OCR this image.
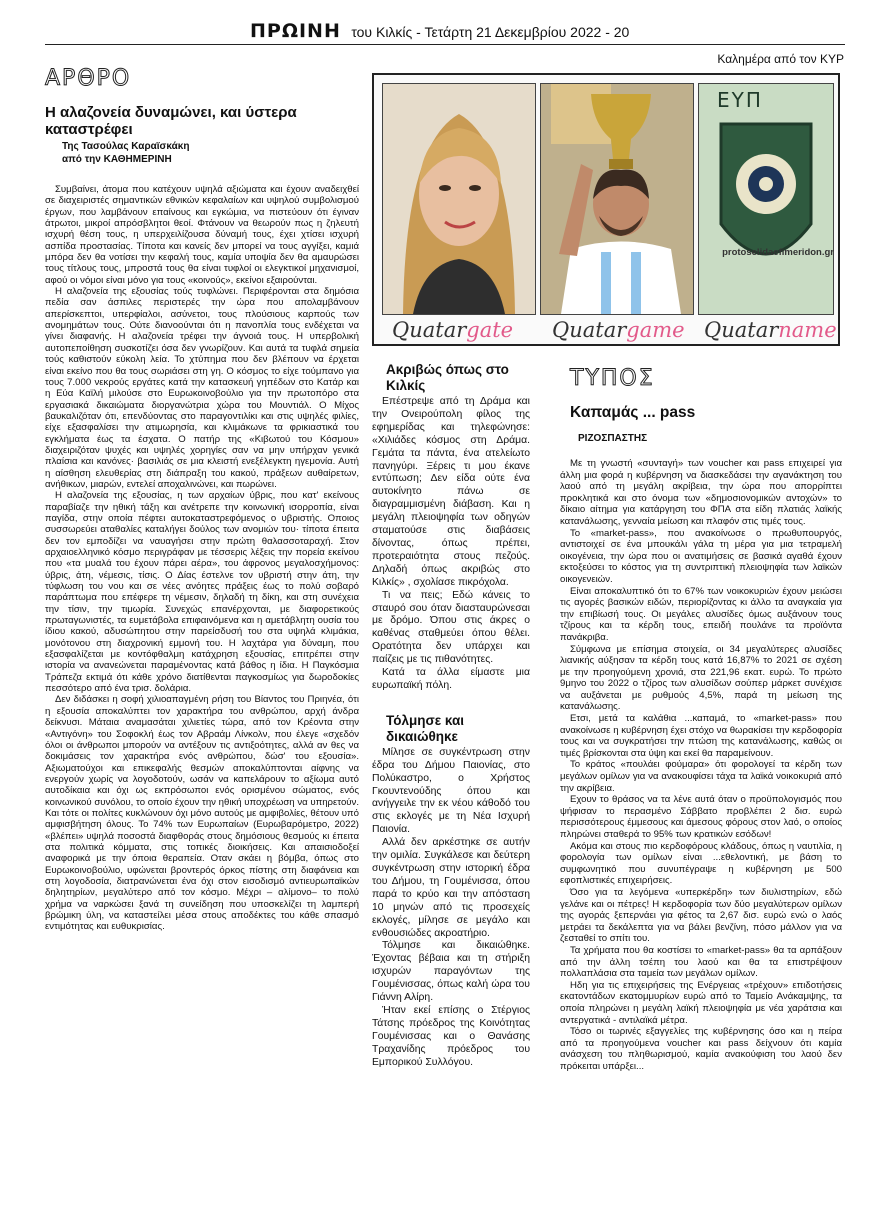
ΠΡΩΙΝΗ του Κιλκίς - Τετάρτη 21 Δεκεμβρίου 2022 - 20
Καλημέρα από τον ΚΥΡ
ΑΡΘΡΟ
Η αλαζονεία δυναμώνει, και ύστερα καταστρέφει
Της Τασούλας Καραϊσκάκη
από την ΚΑΘΗΜΕΡΙΝΗ

Συμβαίνει, άτομα που κατέχουν υψηλά αξιώματα και έχουν αναδειχθεί σε διαχειριστές σημαντικών εθνικών κεφαλαίων και υψηλού συμβολισμού έργων, που λαμβάνουν επαίνους και εγκώμια, να πιστεύουν ότι έγιναν άτρωτοι, μικροί απρόσβλητοι θεοί. Φτάνουν να θεωρούν πως η ζηλευτή ισχυρή θέση τους, η υπερχειλίζουσα δύναμή τους, έχει χτίσει ισχυρή ασπίδα προστασίας. Τίποτα και κανείς δεν μπορεί να τους αγγίξει, καμιά μπόρα δεν θα νοτίσει την κεφαλή τους, καμία υποψία δεν θα αμαυρώσει τους τίτλους τους, μπροστά τους θα είναι τυφλοί οι ελεγκτικοί μηχανισμοί, αφού οι νόμοι είναι μόνο για τους «κοινούς», εκείνοι εξαιρούνται.

Η αλαζονεία της εξουσίας τούς τυφλώνει. Περιφέρονται στα δημόσια πεδία σαν άσπιλες περιστερές την ώρα που απολαμβάνουν απερίσκεπτοι, υπερφίαλοι, ασύνετοι, τους πλούσιους καρπούς των ανομημάτων τους. Ούτε διανοούνται ότι η πανοπλία τους ενδέχεται να γίνει διαφανής. Η αλαζονεία τρέφει την άγνοιά τους. Η υπερβολική αυτοπεποίθηση συσκοτίζει όσα δεν γνωρίζουν. Και αυτά τα τυφλά σημεία τούς καθιστούν εύκολη λεία. Το χτύπημα που δεν βλέπουν να έρχεται είναι εκείνο που θα τους σωριάσει στη γη. Ο κόσμος το είχε τούμπανο για τους 7.000 νεκρούς εργάτες κατά την κατασκευή γηπέδων στο Κατάρ και η Εύα Καϊλή μιλούσε στο Ευρωκοινοβούλιο για την πρωτοπόρο στα εργασιακά δικαιώματα διοργανώτρια χώρα του Μουντιάλ. Ο Μίχος βαυκαλιζόταν ότι, επενδύοντας στο παραγοντιλίκι και στις υψηλές φιλίες, είχε εξασφαλίσει την ατιμωρησία, και κλιμάκωνε τα φρικιαστικά του εγκλήματα έως τα έσχατα. Ο πατήρ της «Κιβωτού του Κόσμου» διαχειριζόταν ψυχές και υψηλές χορηγίες σαν να μην υπήρχαν γενικά πλαίσια και κανόνες· βασιλιάς σε μια κλειστή ενεξέλεγκτη ηγεμονία. Αυτή η αίσθηση ελευθερίας στη διάπραξη του κακού, πράξεων αυθαίρετων, ανήθικων, μιαρών, εντελεί αποχαλινώνει, και πωρώνει.

Η αλαζονεία της εξουσίας, η των αρχαίων ύβρις, που κατ' εκείνους παραβίαζε την ηθική τάξη και ανέτρεπε την κοινωνική ισορροπία, είναι παγίδα, στην οποία πέφτει αυτοκαταστρεφόμενος ο υβριστής. Οποιος συσσωρεύει αταθαλίες καταλήγει δούλος των ανομιών του· τίποτα έπειτα δεν τον εμποδίζει να ναυαγήσει στην πρώτη θαλασσοταραχή. Στον αρχαιοελληνικό κόσμο περιγράφαν με τέσσερις λέξεις την πορεία εκείνου που «τα μυαλά του έχουν πάρει αέρα», του άφρονος μεγαλοσχήμονος: ύβρις, άτη, νέμεσις, τίσις. Ο Δίας έστελνε τον υβριστή στην άτη, την τύφλωση του νου και σε νέες ανόητες πράξεις έως το πολύ σοβαρό παράπτωμα που επέφερε τη νέμεσιν, δηλαδή τη δίκη, και στη συνέχεια την τίσιν, την τιμωρία. Συνεχώς επανέρχονται, με διαφορετικούς πρωταγωνιστές, τα ευμετάβολα επιφαινόμενα και η αμετάβλητη ουσία του ίδιου κακού, αδυσώπητου στην παρείσδυσή του στα υψηλά κλιμάκια, μονότονου στη διαχρονική εμμονή του. Η λαχτάρα για δύναμη, που εξασφαλίζεται με κοντόφθαλμη κατάχρηση εξουσίας, επιτρέπει στην ιστορία να ανανεώνεται παραμένοντας κατά βάθος η ίδια. Η Παγκόσμια Τράπεζα εκτιμά ότι κάθε χρόνο διατίθενται παγκοσμίως για δωροδοκίες πεσσότερο από ένα τρισ. δολάρια.

Δεν διδάσκει η σοφή χιλιοαπαγμένη ρήση του Βίαντος του Πριηνέα, ότι η εξουσία αποκαλύπτει τον χαρακτήρα του ανθρώπου, αρχή άνδρα δείκνυσι. Μάταια αναμασάται χιλιετίες τώρα, από τον Κρέοντα στην «Αντιγόνη» του Σοφοκλή έως τον Αβραάμ Λίνκολν, που έλεγε «σχεδόν όλοι οι άνθρωποι μπορούν να αντέξουν τις αντιξοότητες, αλλά αν θες να δοκιμάσεις τον χαρακτήρα ενός ανθρώπου, δώσ' του εξουσία». Αξιωματούχοι και επικεφαλής θεσμών αποκαλύπτονται αίφνης να ενεργούν χωρίς να λογοδοτούν, ωσάν να καπελάρουν το αξίωμα αυτό αυτοδίκαια και όχι ως εκπρόσωποι ενός ορισμένου σώματος, ενός κοινωνικού συνόλου, το οποίο έχουν την ηθική υποχρέωση να υπηρετούν. Και τότε οι πολίτες κυκλώνουν όχι μόνο αυτούς με αμφιβολίες, θέτουν υπό αμφισβήτηση όλους. Το 74% των Ευρωπαίων (Ευρωβαρόμετρο, 2022) «βλέπει» υψηλά ποσοστά διαφθοράς στους δημόσιους θεσμούς κι έπειτα στα πολιτικά κόμματα, στις τοπικές διοικήσεις. Και απαισιοδοξεί αναφορικά με την όποια θεραπεία. Οταν σκάει η βόμβα, όπως στο Ευρωκοινοβούλιο, υφώνεται βροντερός όρκος πίστης στη διαφάνεια και στη λογοδοσία, διατρανώνεται ένα όχι στον εισοδισμό αντιευρωπαϊκών δηλητηρίων, μεγαλύτερο από τον κόσμο. Μέχρι – αλίμονο– το πολύ χρήμα να ναρκώσει ξανά τη συνείδηση που υποσκελίζει τη λαμπερή βρώμικη ύλη, να καταστείλει μέσα στους αποδέκτες του κάθε σπασμό εντιμότητας και ευθυκρισίας.

ΕΥΠ
protoselidaefimeridon.gr
Quatargate Quatargame Quatarname
Ακριβώς όπως στο Κιλκίς

Επέστρεψε από τη Δράμα και την Ονειρούπολη φίλος της εφημερίδας και τηλεφώνησε: «Χιλιάδες κόσμος στη Δράμα. Γεμάτα τα πάντα, ένα ατελείωτο πανηγύρι. Ξέρεις τι μου έκανε εντύπωση; Δεν είδα ούτε ένα αυτοκίνητο πάνω σε διαγραμμισμένη διάβαση. Και η μεγάλη πλειοψηφία των οδηγών σταματούσε στις διαβάσεις δίνοντας, όπως πρέπει, προτεραιότητα στους πεζούς. Δηλαδή όπως ακριβώς στο Κιλκίς» , σχολίασε πικρόχολα.

Τι να πεις; Εδώ κάνεις το σταυρό σου όταν διασταυρώνεσαι με δρόμο. Όπου στις άκρες ο καθένας σταθμεύει όπου θέλει. Ορατότητα δεν υπάρχει και παίζεις με τις πιθανότητες.

Κατά τα άλλα είμαστε μια ευρωπαϊκή πόλη.

Τόλμησε και δικαιώθηκε

Μίλησε σε συγκέντρωση στην έδρα του Δήμου Παιονίας, στο Πολύκαστρο, ο Χρήστος Γκουντενούδης όπου και ανήγγειλε την εκ νέου κάθοδό του στις εκλογές με τη Νέα Ισχυρή Παιονία.

Αλλά δεν αρκέστηκε σε αυτήν την ομιλία. Συγκάλεσε και δεύτερη συγκέντρωση στην ιστορική έδρα του Δήμου, τη Γουμένισσα, όπου παρά το κρύο και την απόσταση 10 μηνών από τις προσεχείς εκλογές, μίλησε σε μεγάλο και ενθουσιώδες ακροατήριο.

Τόλμησε και δικαιώθηκε. Έχοντας βέβαια και τη στήριξη ισχυρών παραγόντων της Γουμένισσας, όπως καλή ώρα του Γιάννη Αλίρη.

Ήταν εκεί επίσης ο Στέργιος Τάτσης πρόεδρος της Κοινότητας Γουμένισσας και ο Θανάσης Τραχανίδης πρόεδρος του Εμπορικού Συλλόγου.

ΤΥΠΟΣ
Καπαμάς ... pass
ΡΙΖΟΣΠΑΣΤΗΣ

Με τη γνωστή «συνταγή» των voucher και pass επιχειρεί για άλλη μια φορά η κυβέρνηση να διασκεδάσει την αγανάκτηση του λαού από τη μεγάλη ακρίβεια, την ώρα που απορρίπτει προκλητικά και στο όνομα των «δημοσιονομικών αντοχών» το δίκαιο αίτημα για κατάργηση του ΦΠΑ στα είδη πλατιάς λαϊκής κατανάλωσης, γενναία μείωση και πλαφόν στις τιμές τους.

Το «market-pass», που ανακοίνωσε ο πρωθυπουργός, αντιστοιχεί σε ένα μπουκάλι γάλα τη μέρα για μια τετραμελή οικογένεια, την ώρα που οι ανατιμήσεις σε βασικά αγαθά έχουν εκτοξεύσει το κόστος για τη συντριπτική πλειοψηφία των λαϊκών οικογενειών.

Είναι αποκαλυπτικό ότι το 67% των νοικοκυριών έχουν μειώσει τις αγορές βασικών ειδών, περιορίζοντας κι άλλο τα αναγκαία για την επιβίωσή τους. Οι μεγάλες αλυσίδες όμως αυξάνουν τους τζίρους και τα κέρδη τους, επειδή πουλάνε τα προϊόντα πανάκριβα.

Σύμφωνα με επίσημα στοιχεία, οι 34 μεγαλύτερες αλυσίδες λιανικής αύξησαν τα κέρδη τους κατά 16,87% το 2021 σε σχέση με την προηγούμενη χρονιά, στα 221,96 εκατ. ευρώ. Το πρώτο 9μηνο του 2022 ο τζίρος των αλυσίδων σούπερ μάρκετ συνέχισε να αυξάνεται με ρυθμούς 4,5%, παρά τη μείωση της κατανάλωσης.

Ετσι, μετά τα καλάθια ...καπαμά, το «market-pass» που ανακοίνωσε η κυβέρνηση έχει στόχο να θωρακίσει την κερδοφορία τους και να συγκρατήσει την πτώση της κατανάλωσης, καθώς οι τιμές βρίσκονται στα ύψη και εκεί θα παραμείνουν.

Το κράτος «πουλάει φούμαρα» ότι φορολογεί τα κέρδη των μεγάλων ομίλων για να ανακουφίσει τάχα τα λαϊκά νοικοκυριά από την ακρίβεια.

Εχουν το θράσος να τα λένε αυτά όταν ο προϋπολογισμός που ψήφισαν το περασμένο Σάββατο προβλέπει 2 δισ. ευρώ περισσότερους έμμεσους και άμεσους φόρους στον λαό, ο οποίος πληρώνει σταθερά το 95% των κρατικών εσόδων!

Ακόμα και στους πιο κερδοφόρους κλάδους, όπως η ναυτιλία, η φορολογία των ομίλων είναι ...εθελοντική, με βάση το συμφωνητικό που συνυπέγραψε η κυβέρνηση με 500 εφοπλιστικές επιχειρήσεις.

Όσο για τα λεγόμενα «υπερκέρδη» των διυλιστηρίων, εδώ γελάνε και οι πέτρες! Η κερδοφορία των δύο μεγαλύτερων ομίλων της αγοράς ξεπερνάει για φέτος τα 2,67 δισ. ευρώ ενώ ο λαός μετράει τα δεκάλεπτα για να βάλει βενζίνη, πόσο μάλλον για να ζεσταθεί το σπίτι του.

Τα χρήματα που θα κοστίσει το «market-pass» θα τα αρπάξουν από την άλλη τσέπη του λαού και θα τα επιστρέψουν πολλαπλάσια στα ταμεία των μεγάλων ομίλων.

Ηδη για τις επιχειρήσεις της Ενέργειας «τρέχουν» επιδοτήσεις εκατοντάδων εκατομμυρίων ευρώ από το Ταμείο Ανάκαμψης, τα οποία πληρώνει η μεγάλη λαϊκή πλειοψηφία με νέα χαράτσια και αντεργατικά - αντιλαϊκά μέτρα.

Τόσο οι τωρινές εξαγγελίες της κυβέρνησης όσο και η πείρα από τα προηγούμενα voucher και pass δείχνουν ότι καμία ανάσχεση του πληθωρισμού, καμία ανακούφιση του λαού δεν πρόκειται υπάρξει...
